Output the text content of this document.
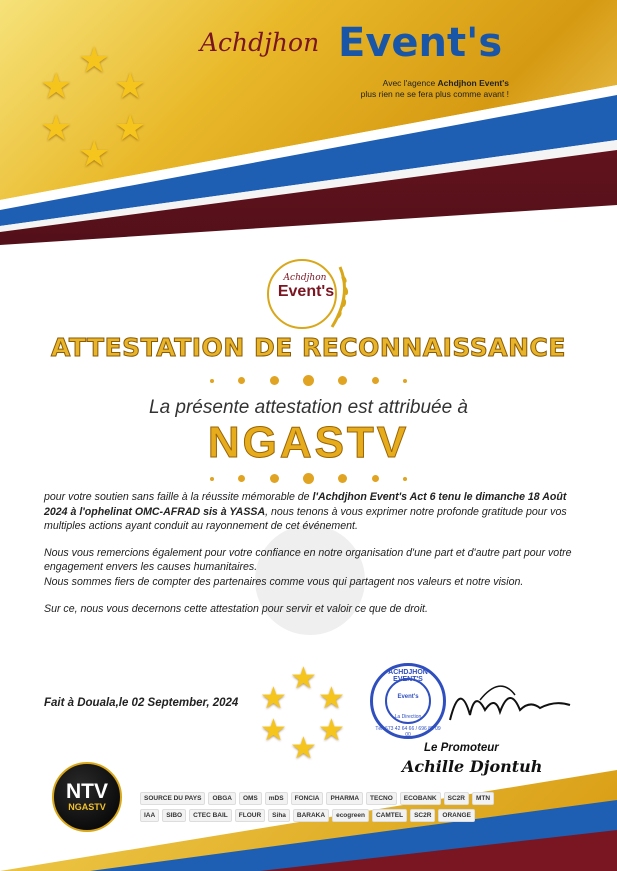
★
★
★
★
★
★
Achdjhon Event's
Avec l'agence Achdjhon Event's
plus rien ne se fera plus comme avant !
Achdjhon
Event's
ATTESTATION DE RECONNAISSANCE

La présente attestation est attribuée à
NGASTV

pour votre soutien sans faille à la réussite mémorable de l'Achdjhon Event's Act 6 tenu le dimanche 18 Août 2024 à l'ophelinat OMC-AFRAD sis à YASSA, nous tenons à vous exprimer notre profonde gratitude pour vos multiples actions ayant conduit au rayonnement de cet événement.

Nous vous remercions également pour votre confiance en notre organisation d'une part et d'autre part pour votre engagement envers les causes humanitaires.

Nous sommes fiers de compter des partenaires comme vous qui partagent nos valeurs et notre vision.

Sur ce, nous vous decernons cette attestation pour servir et valoir ce que de droit.

★
★
★
★
★
★
Fait à Douala,le 02 September, 2024
ACHDJHON EVENT'S
Event's
La Direction
Tél: 673 42 64 66 / 696 82 09 00
Le Promoteur
Achille Djontuh
NTV
NGASTV
SOURCE DU PAYS	OBGA	OMS	mDS	FONCIA	PHARMA	TECNO	ECOBANK	SC2R	MTN
IAA	SIBO	CTEC BAIL	FLOUR	Siha	BARAKA	ecogreen	CAMTEL	SC2R	ORANGE
